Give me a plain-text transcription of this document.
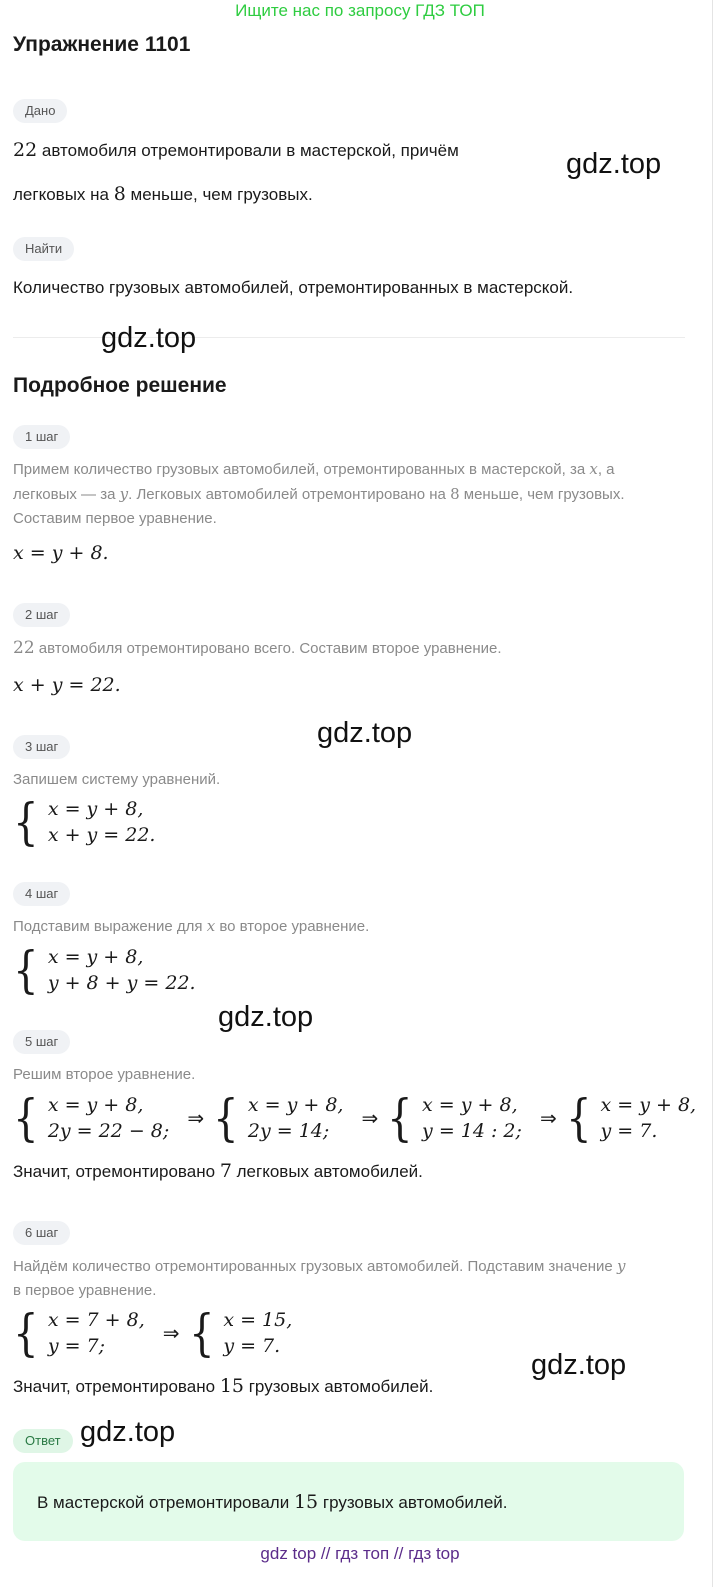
Ищите нас по запросу ГДЗ ТОП
Упражнение 1101
Дано
22 автомобиля отремонтировали в мастерской, причём
легковых на 8 меньше, чем грузовых.
Найти
Количество грузовых автомобилей, отремонтированных в мастерской.
Подробное решение
1 шаг
Примем количество грузовых автомобилей, отремонтированных в мастерской, за x, а
легковых — за y. Легковых автомобилей отремонтировано на 8 меньше, чем грузовых.
Составим первое уравнение.
x = y + 8.
2 шаг
22 автомобиля отремонтировано всего. Составим второе уравнение.
x + y = 22.
3 шаг
Запишем систему уравнений.
{ x = y + 8,
x + y = 22.
4 шаг
Подставим выражение для x во второе уравнение.
{ x = y + 8,
y + 8 + y = 22.
5 шаг
Решим второе уравнение.
{ x = y + 8,
2y = 22 − 8;
⇒ { x = y + 8,
2y = 14;
⇒ { x = y + 8,
y = 14 : 2;
⇒ { x = y + 8,
y = 7.
Значит, отремонтировано 7 легковых автомобилей.
6 шаг
Найдём количество отремонтированных грузовых автомобилей. Подставим значение y
в первое уравнение.
{ x = 7 + 8,
y = 7;
⇒ { x = 15,
y = 7.
Значит, отремонтировано 15 грузовых автомобилей.
Ответ
В мастерской отремонтировали 15 грузовых автомобилей.
gdz.top
gdz.top
gdz.top
gdz.top
gdz.top
gdz.top
gdz top // гдз топ // гдз top
